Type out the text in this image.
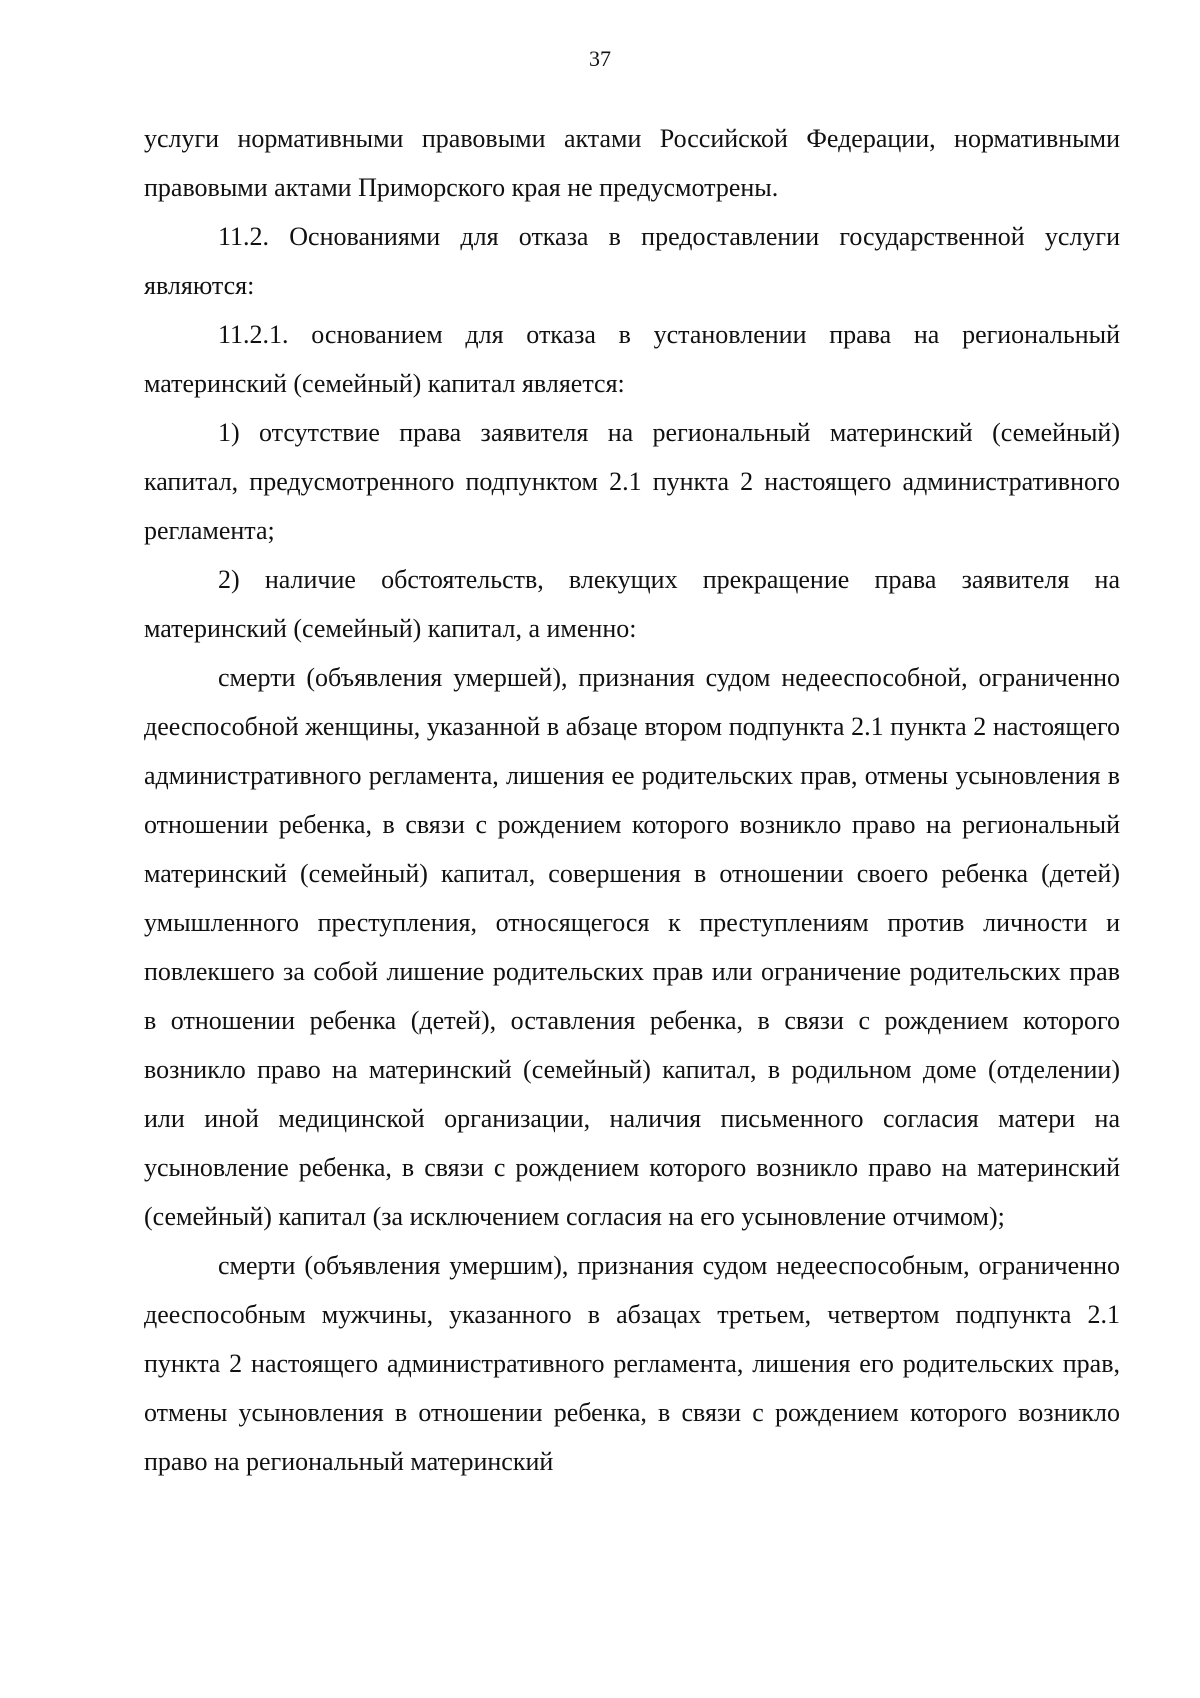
37

услуги нормативными правовыми актами Российской Федерации, нормативными правовыми актами Приморского края не предусмотрены.

11.2. Основаниями для отказа в предоставлении государственной услуги являются:

11.2.1. основанием для отказа в установлении права на региональный материнский (семейный) капитал является:

1) отсутствие права заявителя на региональный материнский (семейный) капитал, предусмотренного подпунктом 2.1 пункта 2 настоящего административного регламента;

2) наличие обстоятельств, влекущих прекращение права заявителя на материнский (семейный) капитал, а именно:

смерти (объявления умершей), признания судом недееспособной, ограниченно дееспособной женщины, указанной в абзаце втором подпункта 2.1 пункта 2 настоящего административного регламента, лишения ее родительских прав, отмены усыновления в отношении ребенка, в связи с рождением которого возникло право на региональный материнский (семейный) капитал, совершения в отношении своего ребенка (детей) умышленного преступления, относящегося к преступлениям против личности и повлекшего за собой лишение родительских прав или ограничение родительских прав в отношении ребенка (детей), оставления ребенка, в связи с рождением которого возникло право на материнский (семейный) капитал, в родильном доме (отделении) или иной медицинской организации, наличия письменного согласия матери на усыновление ребенка, в связи с рождением которого возникло право на материнский (семейный) капитал (за исключением согласия на его усыновление отчимом);

смерти (объявления умершим), признания судом недееспособным, ограниченно дееспособным мужчины, указанного в абзацах третьем, четвертом подпункта 2.1 пункта 2 настоящего административного регламента, лишения его родительских прав, отмены усыновления в отношении ребенка, в связи с рождением которого возникло право на региональный материнский
